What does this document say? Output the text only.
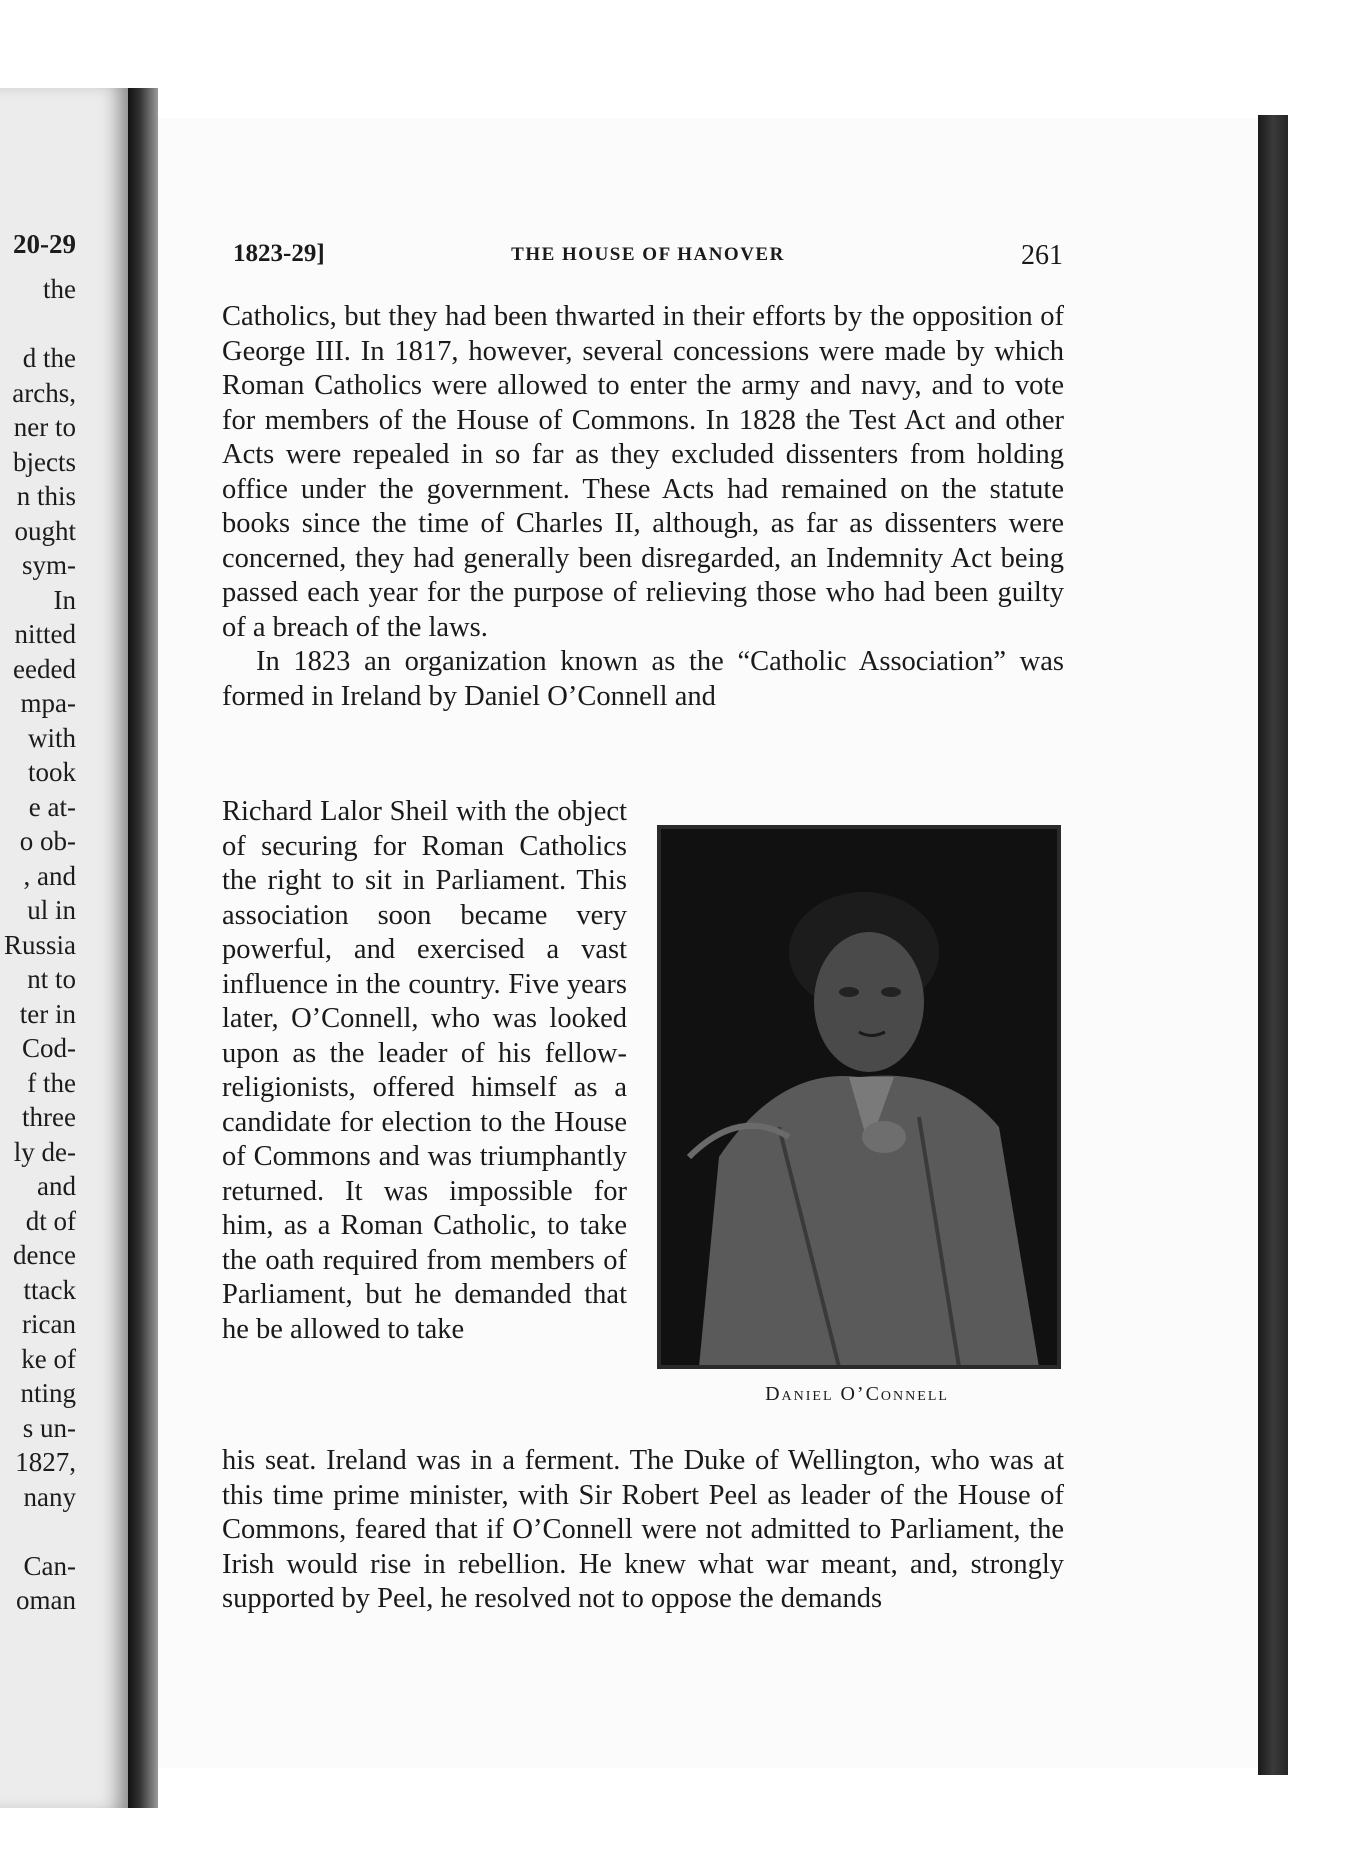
20-29
the
d the
archs,
ner to
bjects
n this
ought
sym-
In
nitted
eeded
mpa-
with
took
e at-
o ob-
, and
ul in
Russia
nt to
ter in
Cod-
f the
three
ly de-
and
dt of
dence
ttack
rican
ke of
nting
s un-
1827,
nany
Can-
oman
1823-29]	THE HOUSE OF HANOVER	261

Catholics, but they had been thwarted in their efforts by the opposition of George III. In 1817, however, several concessions were made by which Roman Catholics were allowed to enter the army and navy, and to vote for members of the House of Commons. In 1828 the Test Act and other Acts were repealed in so far as they excluded dissenters from holding office under the government. These Acts had remained on the statute books since the time of Charles II, although, as far as dissenters were concerned, they had generally been disregarded, an Indemnity Act being passed each year for the purpose of relieving those who had been guilty of a breach of the laws.

In 1823 an organization known as the “Catholic Association” was formed in Ireland by Daniel O’Connell and

Richard Lalor Sheil with the object of securing for Roman Catholics the right to sit in Parliament. This association soon became very powerful, and exercised a vast influence in the country. Five years later, O’Connell, who was looked upon as the leader of his fellow-religionists, offered himself as a candidate for election to the House of Commons and was triumphantly returned. It was impossible for him, as a Roman Catholic, to take the oath required from members of Parliament, but he demanded that he be allowed to take
Daniel O’Connell
his seat. Ireland was in a ferment. The Duke of Wellington, who was at this time prime minister, with Sir Robert Peel as leader of the House of Commons, feared that if O’Connell were not admitted to Parliament, the Irish would rise in rebellion. He knew what war meant, and, strongly supported by Peel, he resolved not to oppose the demands
